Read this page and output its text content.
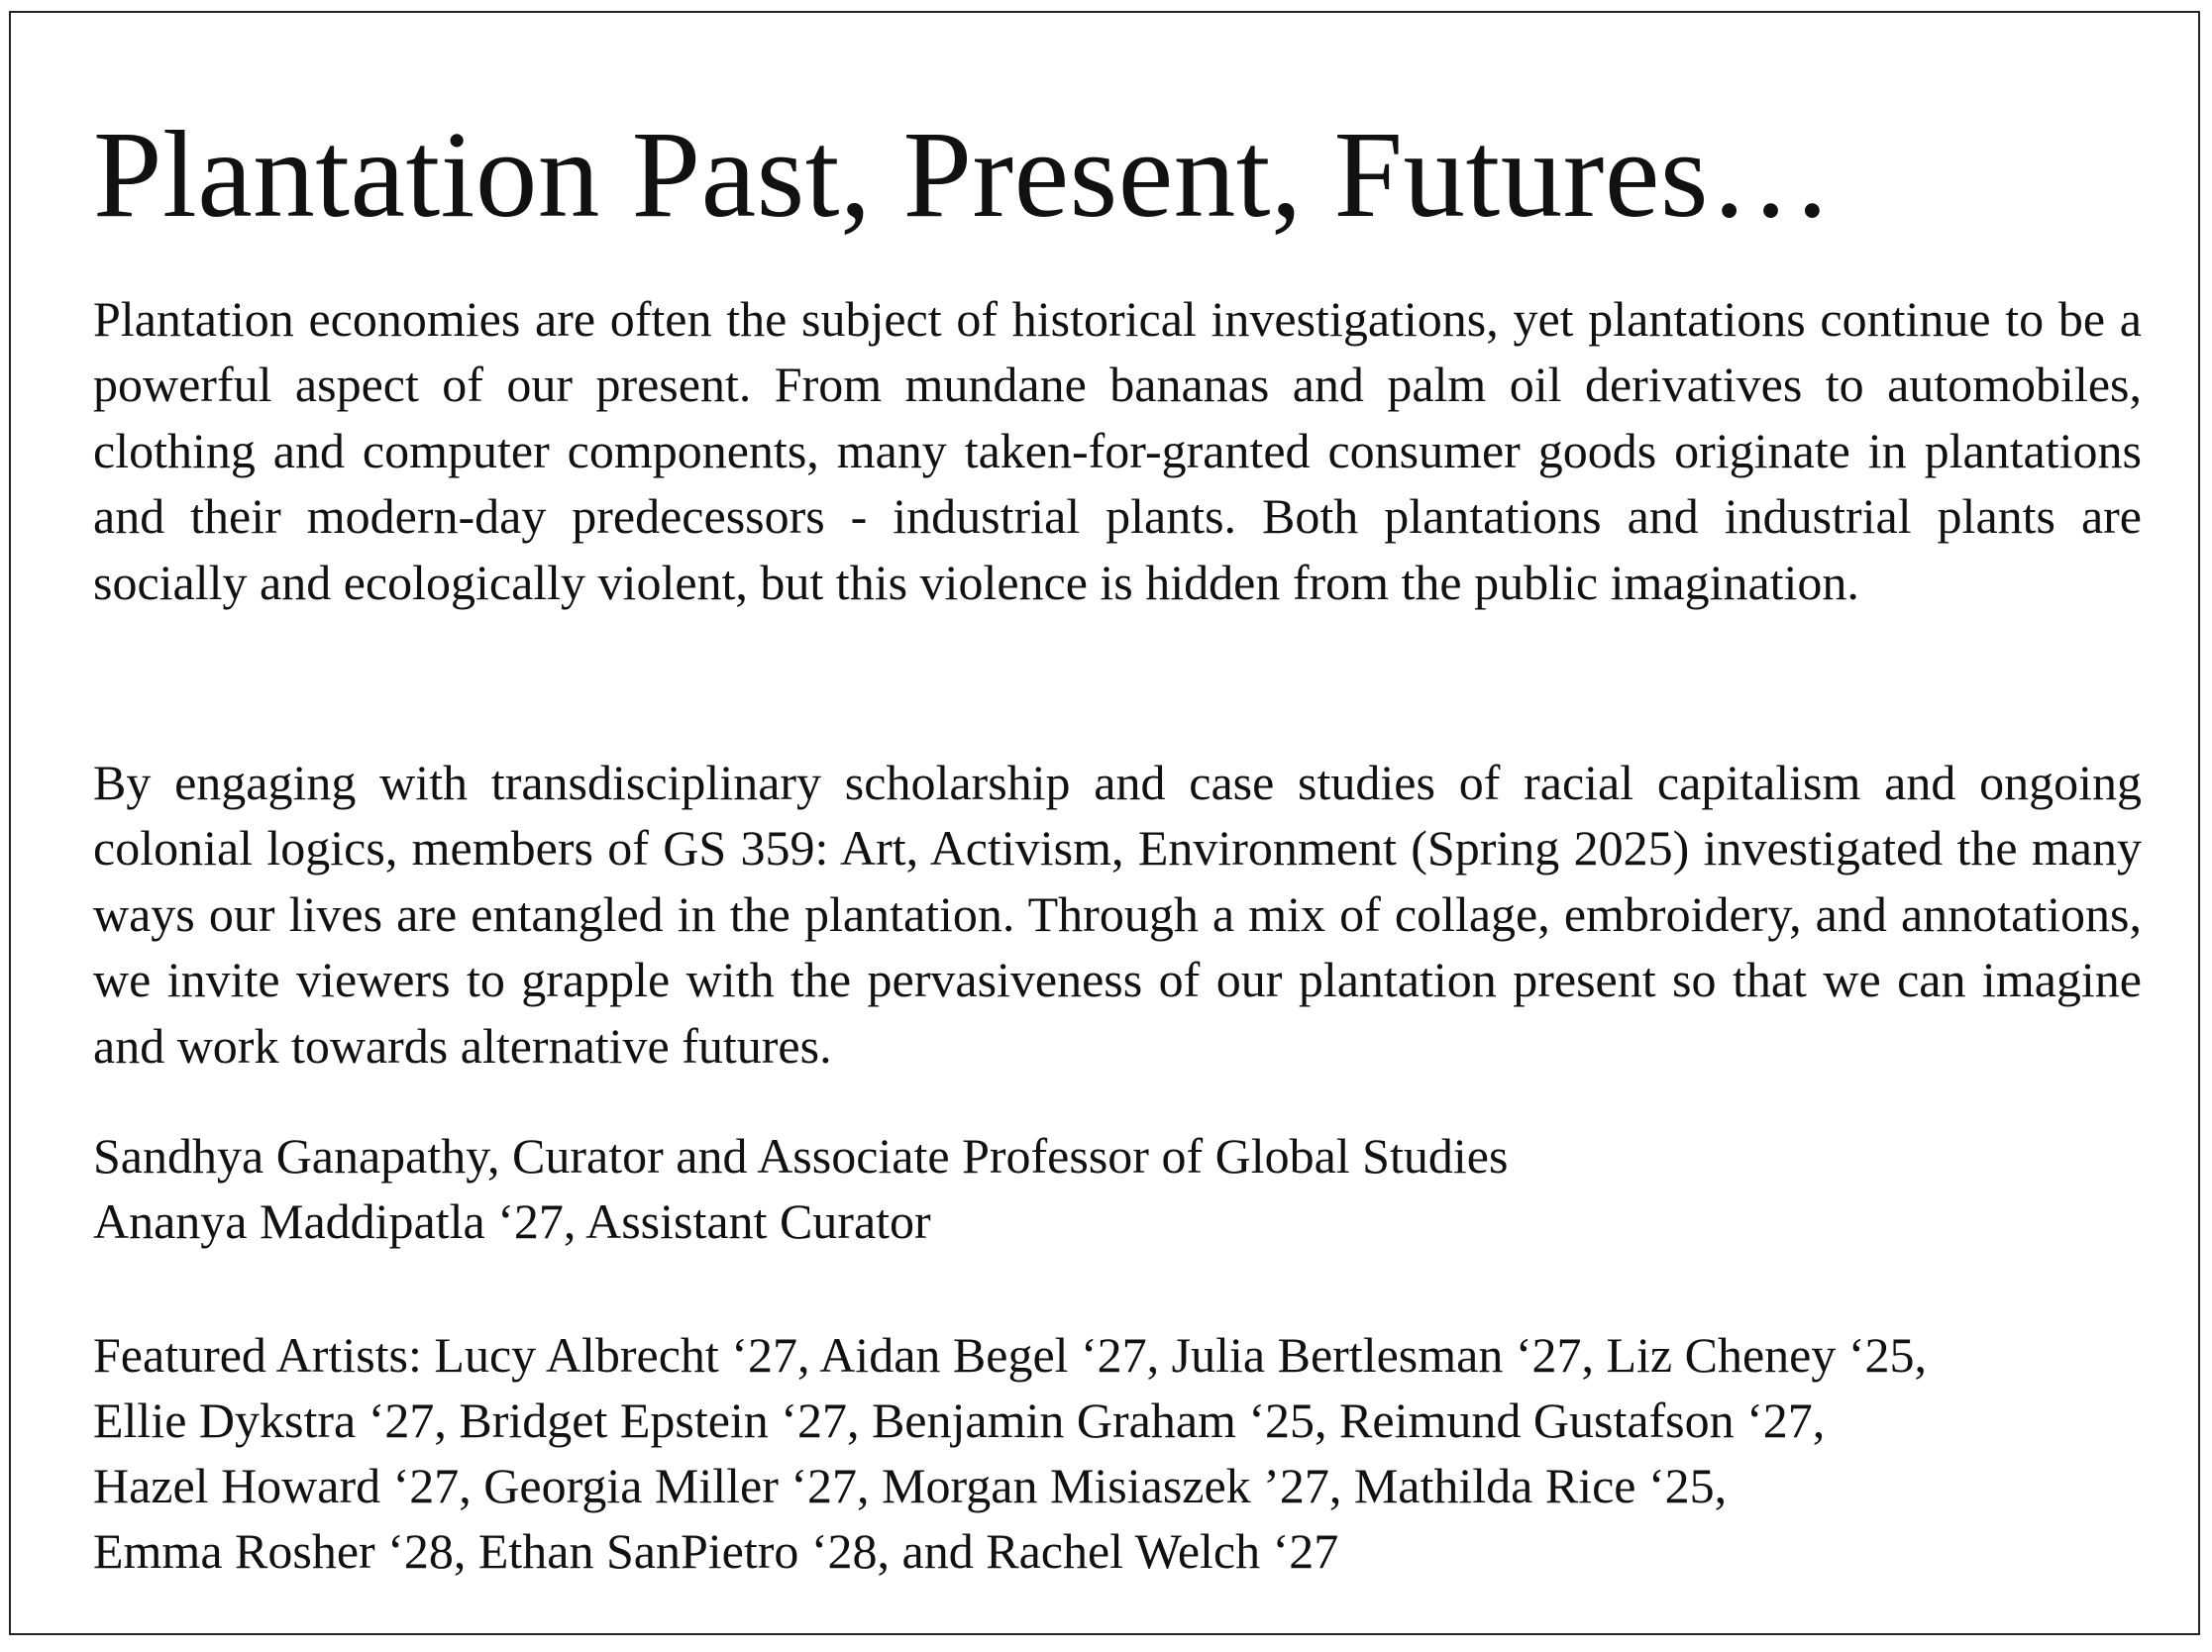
Plantation Past, Present, Futures…

Plantation economies are often the subject of historical investigations, yet plantations continue to be a powerful aspect of our present. From mundane bananas and palm oil derivatives to automobiles, clothing and computer components, many taken-for-granted consumer goods originate in plantations and their modern-day predecessors - industrial plants. Both plantations and industrial plants are socially and ecologically violent, but this violence is hidden from the public imagination.

By engaging with transdisciplinary scholarship and case studies of racial capitalism and ongoing colonial logics, members of GS 359: Art, Activism, Environment (Spring 2025) investigated the many ways our lives are entangled in the plantation. Through a mix of collage, embroidery, and annotations, we invite viewers to grapple with the pervasiveness of our plantation present so that we can imagine and work towards alternative futures.

Sandhya Ganapathy, Curator and Associate Professor of Global Studies

Ananya Maddipatla ‘27, Assistant Curator

Featured Artists: Lucy Albrecht ‘27, Aidan Begel ‘27, Julia Bertlesman ‘27, Liz Cheney ‘25,

Ellie Dykstra ‘27, Bridget Epstein ‘27, Benjamin Graham ‘25, Reimund Gustafson ‘27,

Hazel Howard ‘27, Georgia Miller ‘27, Morgan Misiaszek ’27, Mathilda Rice ‘25,

Emma Rosher ‘28, Ethan SanPietro ‘28, and Rachel Welch ‘27
